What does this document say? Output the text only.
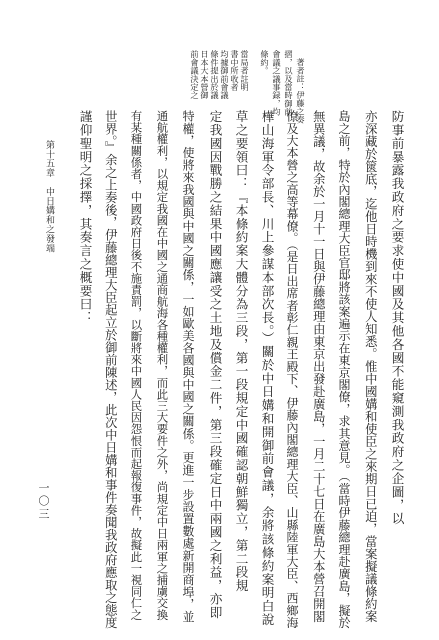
一〇三
第十五章　中日媾和之發端
著者註：伊藤之奏
摺，以及當時御前
會議之議事録，均
條約。
當局者註明
書中所收者
均據御前會議
條件提出於議
日本大本營御
前會議決定之
防事前暴露我政府之要求使中國及其他各國不能窺測我政府之企圖，以
亦深藏於篋底，迄他日時機到來不使人知悉。惟中國媾和使臣之來期日已迫，當案擬議條約案
島之前，特於內閣總理大臣官邸將該案遍示在東京閣僚，求其意見。（當時伊藤總理赴廣島，擬於
無異議，故余於一月十一日與伊藤總理由東京出發赴廣島，一月二十七日在廣島大本營召開閣
僚及大本營之高等幕僚。（是日出席者彰仁親王殿下、伊藤內閣總理大臣、山縣陸軍大臣、西鄉海
樺山海軍令部長、川上參謀本部次長。）關於中日媾和開御前會議，余將該條約案明白說
草之要領曰：『本條約案大體分為三段，第一段規定中國確認朝鮮獨立，第二段規
定我國因戰勝之結果中國應讓受之土地及償金二件，第三段確定日中兩國之利益，亦即
特權，使將來我國與中國之關係，一如歐美各國與中國之關係。更進一步設置數處新開商埠，並
通航權利，以規定我國在中國之通商航海各種權利，而此三大要件之外，尚規定中日兩軍之捕虜交換
有某種關係者，中國政府日後不施責罰，以斷將來中國人民因怨恨而起報復事件，故擬此一視同仁之
世界。』余之上奏後，伊藤總理大臣起立於御前陳述，此次中日媾和事件奏聞我政府應取之態度
謹仰聖明之採擇，其奏言之概要曰：
